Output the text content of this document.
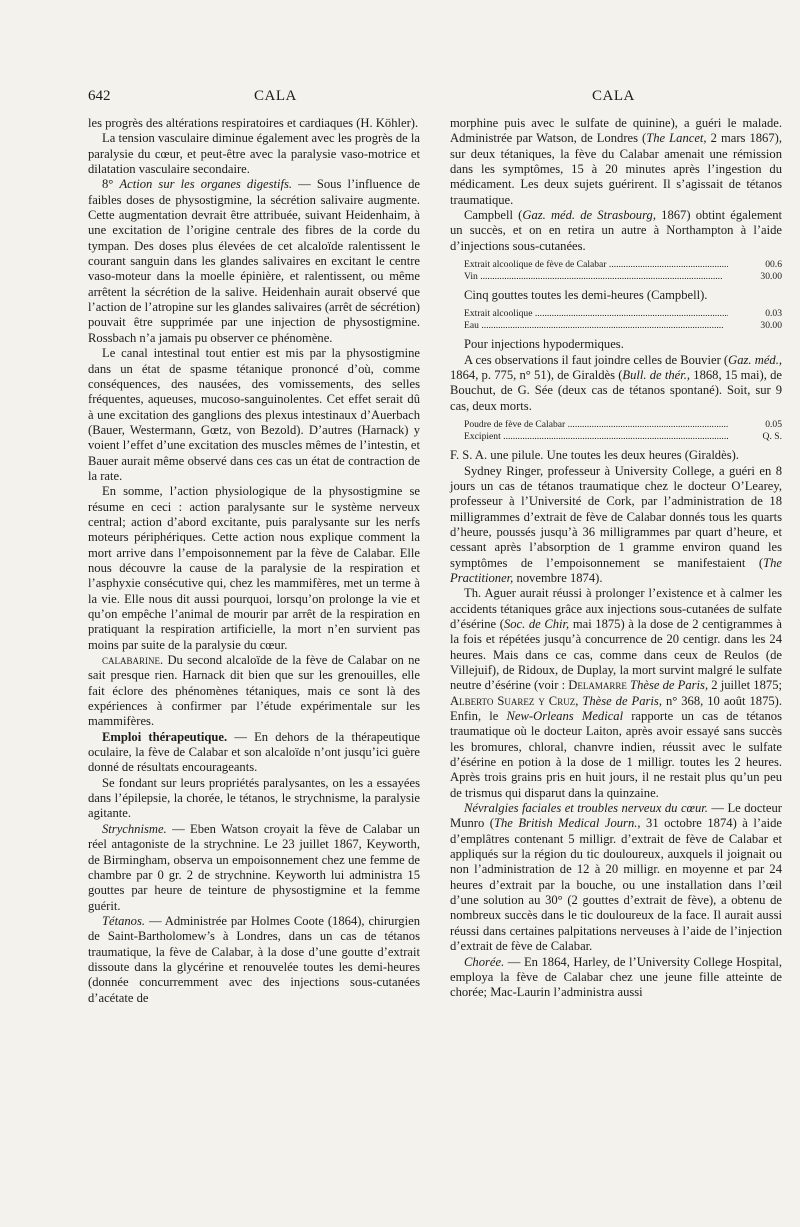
642	CALA	CALA

les progrès des altérations respiratoires et cardiaques (H. Köhler).

La tension vasculaire diminue également avec les progrès de la paralysie du cœur, et peut-être avec la paralysie vaso-motrice et dilatation vasculaire secondaire.

8° Action sur les organes digestifs. — Sous l’influence de faibles doses de physostigmine, la sécrétion salivaire augmente. Cette augmentation devrait être attribuée, suivant Heidenhaim, à une excitation de l’origine centrale des fibres de la corde du tympan. Des doses plus élevées de cet alcaloïde ralentissent le courant sanguin dans les glandes salivaires en excitant le centre vaso-moteur dans la moelle épinière, et ralentissent, ou même arrêtent la sécrétion de la salive. Heidenhain aurait observé que l’action de l’atropine sur les glandes salivaires (arrêt de sécrétion) pouvait être supprimée par une injection de physostigmine. Rossbach n’a jamais pu observer ce phénomène.

Le canal intestinal tout entier est mis par la physostigmine dans un état de spasme tétanique prononcé d’où, comme conséquences, des nausées, des vomissements, des selles fréquentes, aqueuses, mucoso-sanguinolentes. Cet effet serait dû à une excitation des ganglions des plexus intestinaux d’Auerbach (Bauer, Westermann, Gœtz, von Bezold). D’autres (Harnack) y voient l’effet d’une excitation des muscles mêmes de l’intestin, et Bauer aurait même observé dans ces cas un état de contraction de la rate.

En somme, l’action physiologique de la physostigmine se résume en ceci : action paralysante sur le système nerveux central; action d’abord excitante, puis paralysante sur les nerfs moteurs périphériques. Cette action nous explique comment la mort arrive dans l’empoisonnement par la fève de Calabar. Elle nous découvre la cause de la paralysie de la respiration et l’asphyxie consécutive qui, chez les mammifères, met un terme à la vie. Elle nous dit aussi pourquoi, lorsqu’on prolonge la vie et qu’on empêche l’animal de mourir par arrêt de la respiration en pratiquant la respiration artificielle, la mort n’en survient pas moins par suite de la paralysie du cœur.

calabarine. Du second alcaloïde de la fève de Calabar on ne sait presque rien. Harnack dit bien que sur les grenouilles, elle fait éclore des phénomènes tétaniques, mais ce sont là des expériences à confirmer par l’étude expérimentale sur les mammifères.

Emploi thérapeutique. — En dehors de la thérapeutique oculaire, la fève de Calabar et son alcaloïde n’ont jusqu’ici guère donné de résultats encourageants.

Se fondant sur leurs propriétés paralysantes, on les a essayées dans l’épilepsie, la chorée, le tétanos, le strychnisme, la paralysie agitante.

Strychnisme. — Eben Watson croyait la fève de Calabar un réel antagoniste de la strychnine. Le 23 juillet 1867, Keyworth, de Birmingham, observa un empoisonnement chez une femme de chambre par 0 gr. 2 de strychnine. Keyworth lui administra 15 gouttes par heure de teinture de physostigmine et la femme guérit.

Tétanos. — Administrée par Holmes Coote (1864), chirurgien de Saint-Bartholomew’s à Londres, dans un cas de tétanos traumatique, la fève de Calabar, à la dose d’une goutte d’extrait dissoute dans la glycérine et renouvelée toutes les demi-heures (donnée concurremment avec des injections sous-cutanées d’acétate de

morphine puis avec le sulfate de quinine), a guéri le malade. Administrée par Watson, de Londres (The Lancet, 2 mars 1867), sur deux tétaniques, la fève du Calabar amenait une rémission dans les symptômes, 15 à 20 minutes après l’ingestion du médicament. Les deux sujets guérirent. Il s’agissait de tétanos traumatique.

Campbell (Gaz. méd. de Strasbourg, 1867) obtint également un succès, et on en retira un autre à Northampton à l’aide d’injections sous-cutanées.

Extrait alcoolique de fève de Calabar .....	00.6
Vin .....	30.00

Cinq gouttes toutes les demi-heures (Campbell).

Extrait alcoolique .....	0.03
Eau .....	30.00

Pour injections hypodermiques.

A ces observations il faut joindre celles de Bouvier (Gaz. méd., 1864, p. 775, n° 51), de Giraldès (Bull. de thér., 1868, 15 mai), de Bouchut, de G. Sée (deux cas de tétanos spontané). Soit, sur 9 cas, deux morts.

Poudre de fève de Calabar .....	0.05
Excipient .....	Q. S.

F. S. A. une pilule. Une toutes les deux heures (Giraldès).

Sydney Ringer, professeur à University College, a guéri en 8 jours un cas de tétanos traumatique chez le docteur O’Learey, professeur à l’Université de Cork, par l’administration de 18 milligrammes d’extrait de fève de Calabar donnés tous les quarts d’heure, poussés jusqu’à 36 milligrammes par quart d’heure, et cessant après l’absorption de 1 gramme environ quand les symptômes de l’empoisonnement se manifestaient (The Practitioner, novembre 1874).

Th. Aguer aurait réussi à prolonger l’existence et à calmer les accidents tétaniques grâce aux injections sous-cutanées de sulfate d’ésérine (Soc. de Chir, mai 1875) à la dose de 2 centigrammes à la fois et répétées jusqu’à concurrence de 20 centigr. dans les 24 heures. Mais dans ce cas, comme dans ceux de Reulos (de Villejuif), de Ridoux, de Duplay, la mort survint malgré le sulfate neutre d’ésérine (voir : Delamarre Thèse de Paris, 2 juillet 1875; Alberto Suarez y Cruz, Thèse de Paris, n° 368, 10 août 1875). Enfin, le New-Orleans Medical rapporte un cas de tétanos traumatique où le docteur Laiton, après avoir essayé sans succès les bromures, chloral, chanvre indien, réussit avec le sulfate d’ésérine en potion à la dose de 1 milligr. toutes les 2 heures. Après trois grains pris en huit jours, il ne restait plus qu’un peu de trismus qui disparut dans la quinzaine.

Névralgies faciales et troubles nerveux du cœur. — Le docteur Munro (The British Medical Journ., 31 octobre 1874) à l’aide d’emplâtres contenant 5 milligr. d’extrait de fève de Calabar et appliqués sur la région du tic douloureux, auxquels il joignait ou non l’administration de 12 à 20 milligr. en moyenne et par 24 heures d’extrait par la bouche, ou une installation dans l’œil d’une solution au 30° (2 gouttes d’extrait de fève), a obtenu de nombreux succès dans le tic douloureux de la face. Il aurait aussi réussi dans certaines palpitations nerveuses à l’aide de l’injection d’extrait de fève de Calabar.

Chorée. — En 1864, Harley, de l’University College Hospital, employa la fève de Calabar chez une jeune fille atteinte de chorée; Mac-Laurin l’administra aussi
